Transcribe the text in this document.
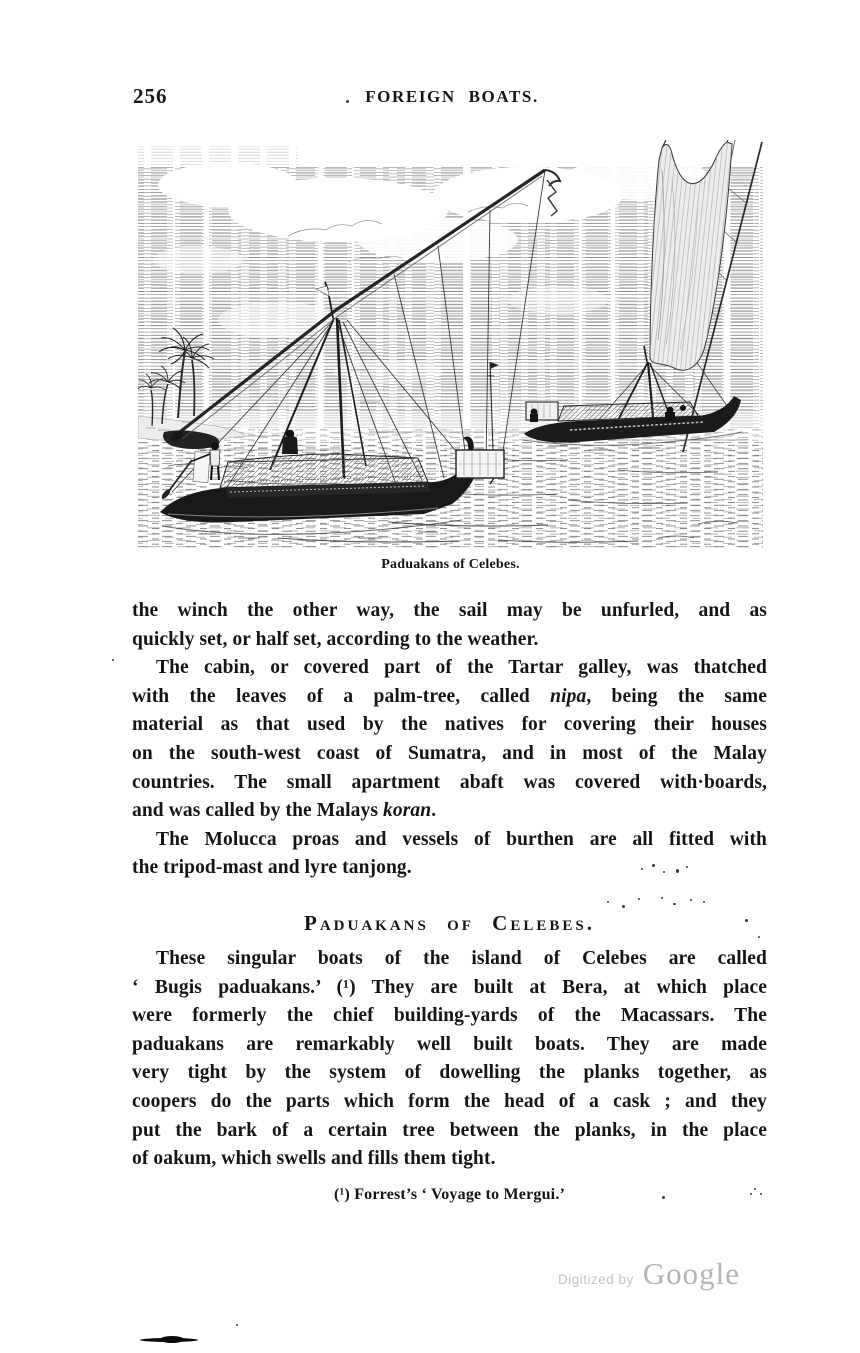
256	FOREIGN BOATS.
Paduakans of Celebes.
the winch the other way, the sail may be unfurled, and as
quickly set, or half set, according to the weather.
The cabin, or covered part of the Tartar galley, was thatched
with the leaves of a palm-tree, called nipa, being the same
material as that used by the natives for covering their houses
on the south-west coast of Sumatra, and in most of the Malay
countries. The small apartment abaft was covered with·boards,
and was called by the Malays koran.
The Molucca proas and vessels of burthen are all fitted with
the tripod-mast and lyre tanjong.
Paduakans of Celebes.
These singular boats of the island of Celebes are called
‘ Bugis paduakans.’ (¹) They are built at Bera, at which place
were formerly the chief building-yards of the Macassars. The
paduakans are remarkably well built boats. They are made
very tight by the system of dowelling the planks together, as
coopers do the parts which form the head of a cask ; and they
put the bark of a certain tree between the planks, in the place
of oakum, which swells and fills them tight.
(¹) Forrest’s ‘ Voyage to Mergui.’
Digitized by Google
